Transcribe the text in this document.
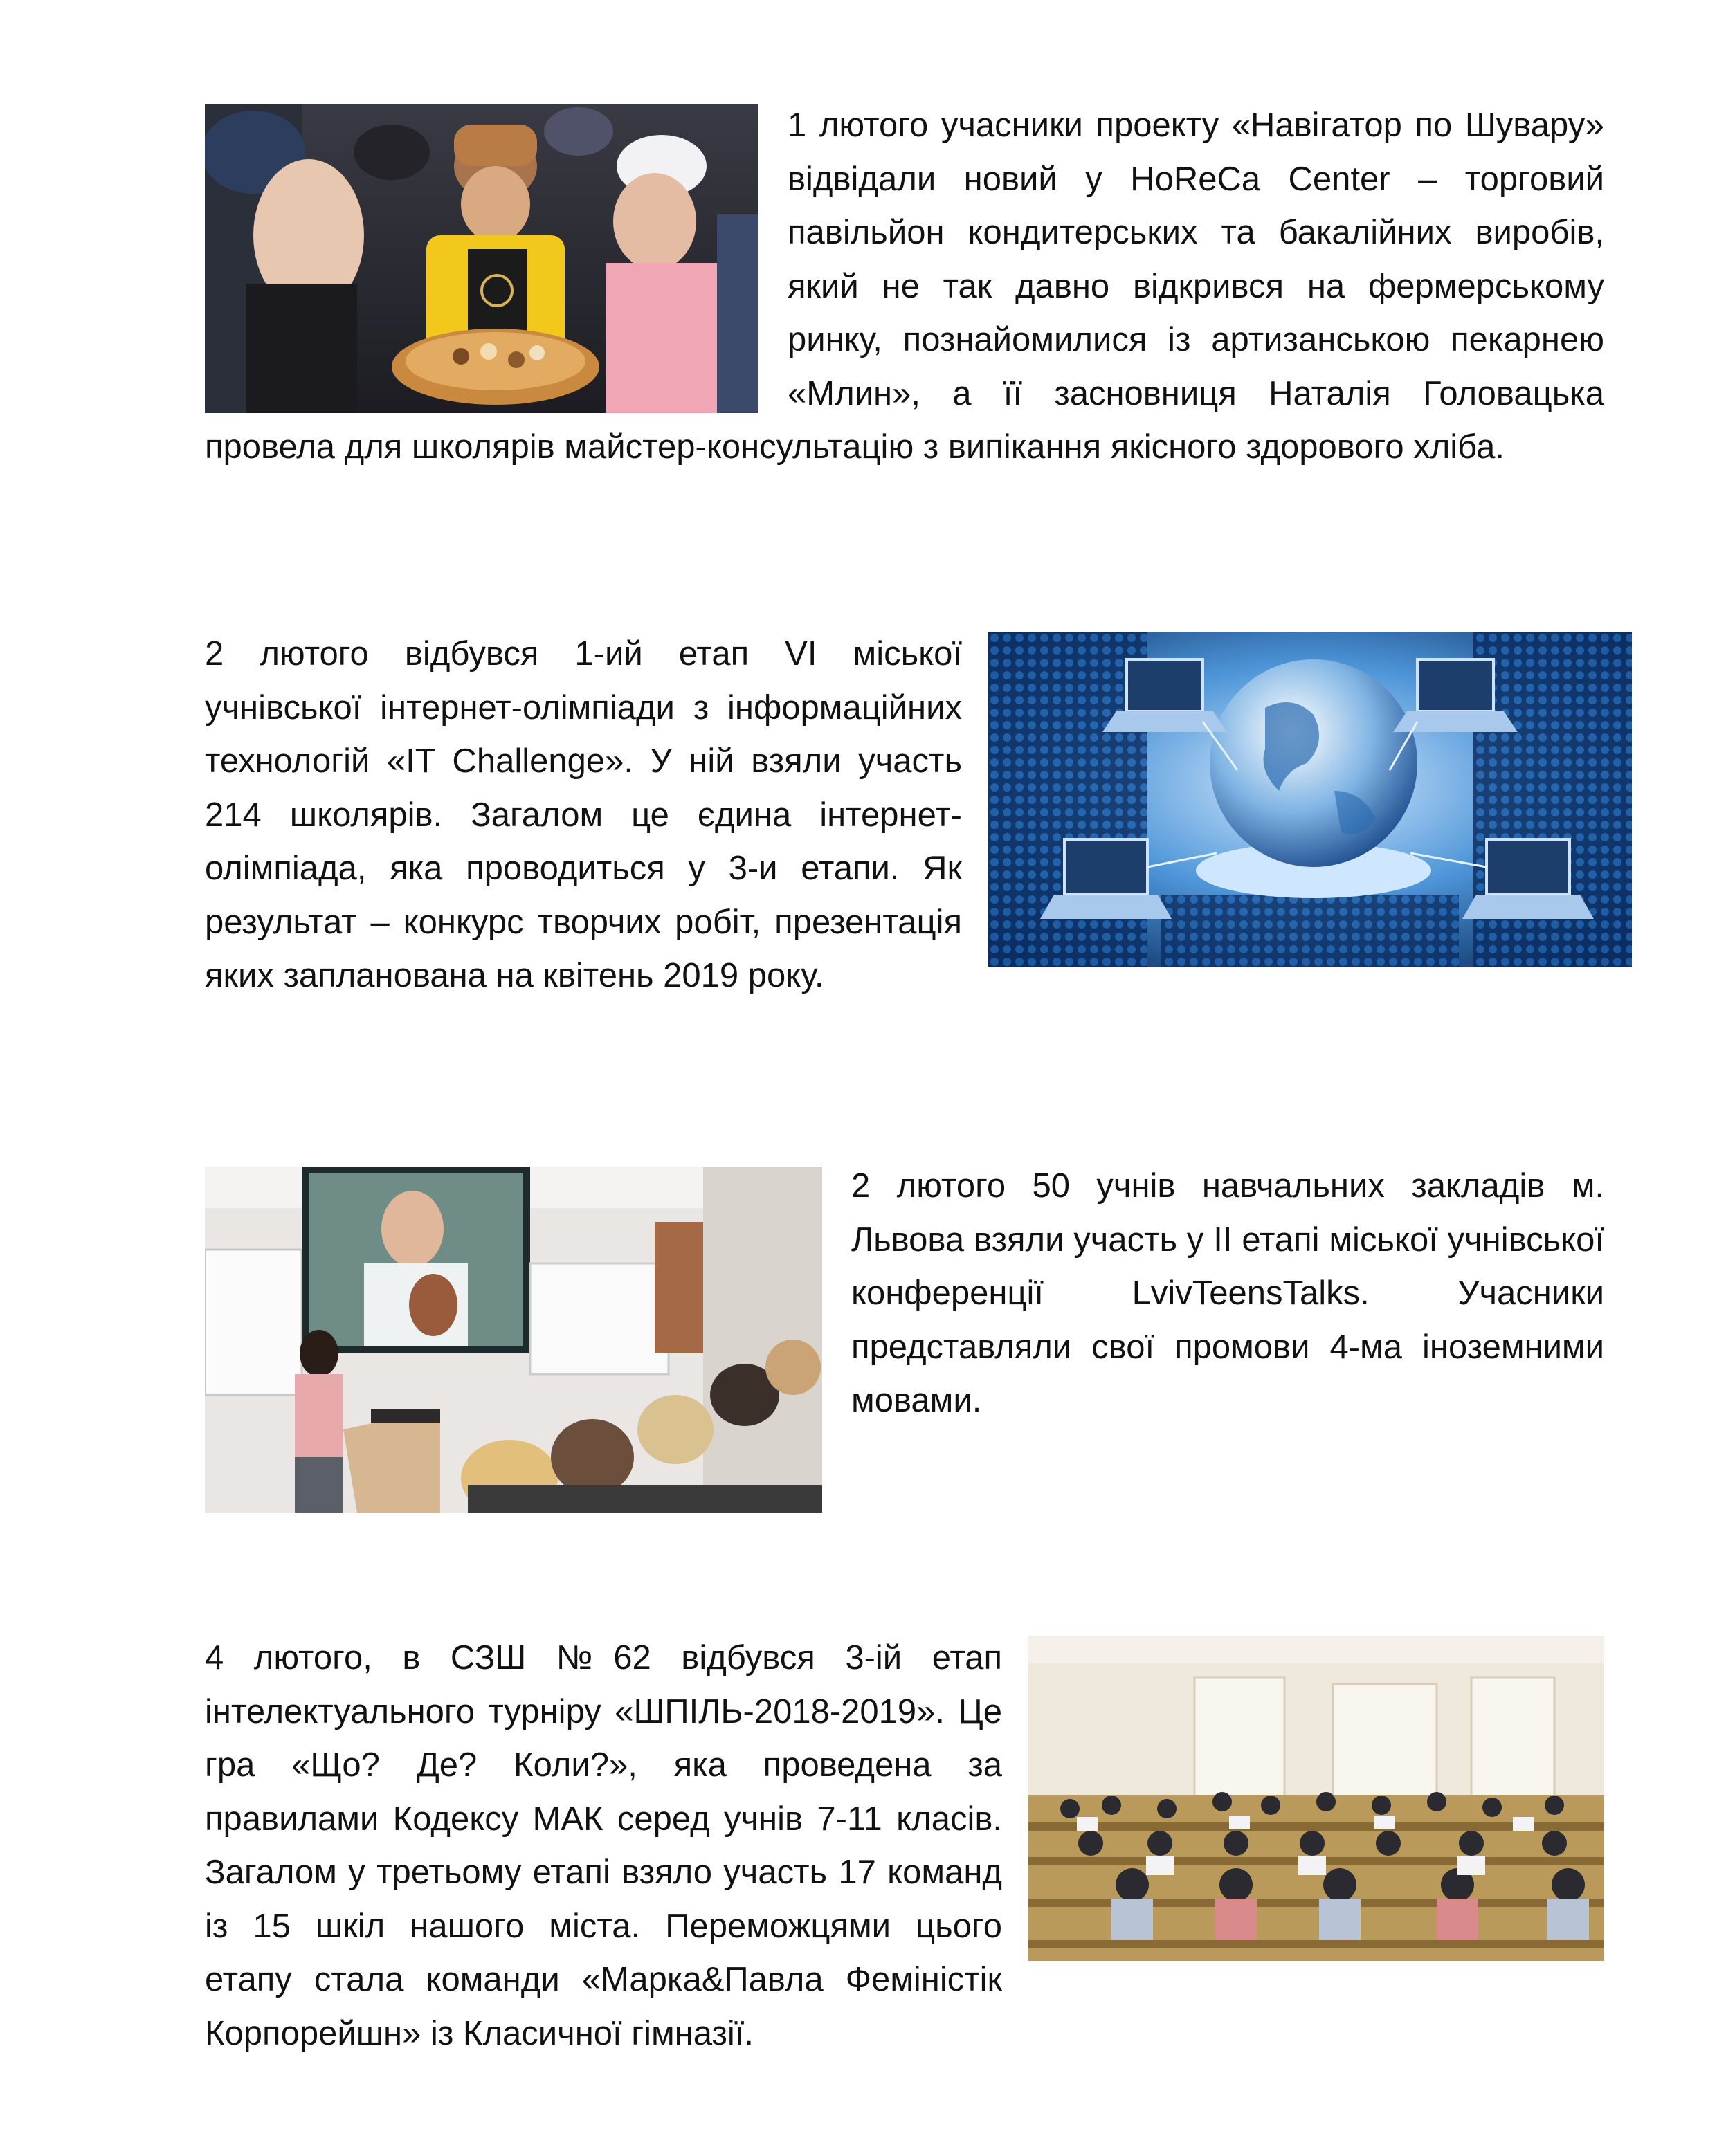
1 лютого учасники проекту «Навігатор по Шувару» відвідали новий у HoReCa Center – торговий павільйон кондитерських та бакалійних виробів, який не так давно відкрився на фермерському ринку, познайомилися із артизанською пекарнею «Млин», а її засновниця Наталія Головацька провела для школярів майстер-консультацію з випікання якісного здорового хліба.
2 лютого відбувся 1-ий етап VI міської учнівської інтернет-олімпіади з інформаційних технологій «IT Challenge». У ній взяли участь 214 школярів. Загалом це єдина інтернет-олімпіада, яка проводиться у 3-и етапи. Як результат – конкурс творчих робіт, презентація яких запланована на квітень 2019 року.
2 лютого 50 учнів навчальних закладів м. Львова взяли участь у ІІ етапі міської учнівської конференції LvivTeensTalks. Учасники представляли свої промови 4-ма іноземними мовами.
4 лютого, в СЗШ №62 відбувся 3-ій етап інтелектуального турніру «ШПІЛЬ-2018-2019». Це гра «Що? Де? Коли?», яка проведена за правилами Кодексу МАК серед учнів 7-11 класів. Загалом у третьому етапі взяло участь 17 команд із 15 шкіл нашого міста. Переможцями цього етапу стала команди «Марка&Павла Феміністік Корпорейшн» із Класичної гімназії.
